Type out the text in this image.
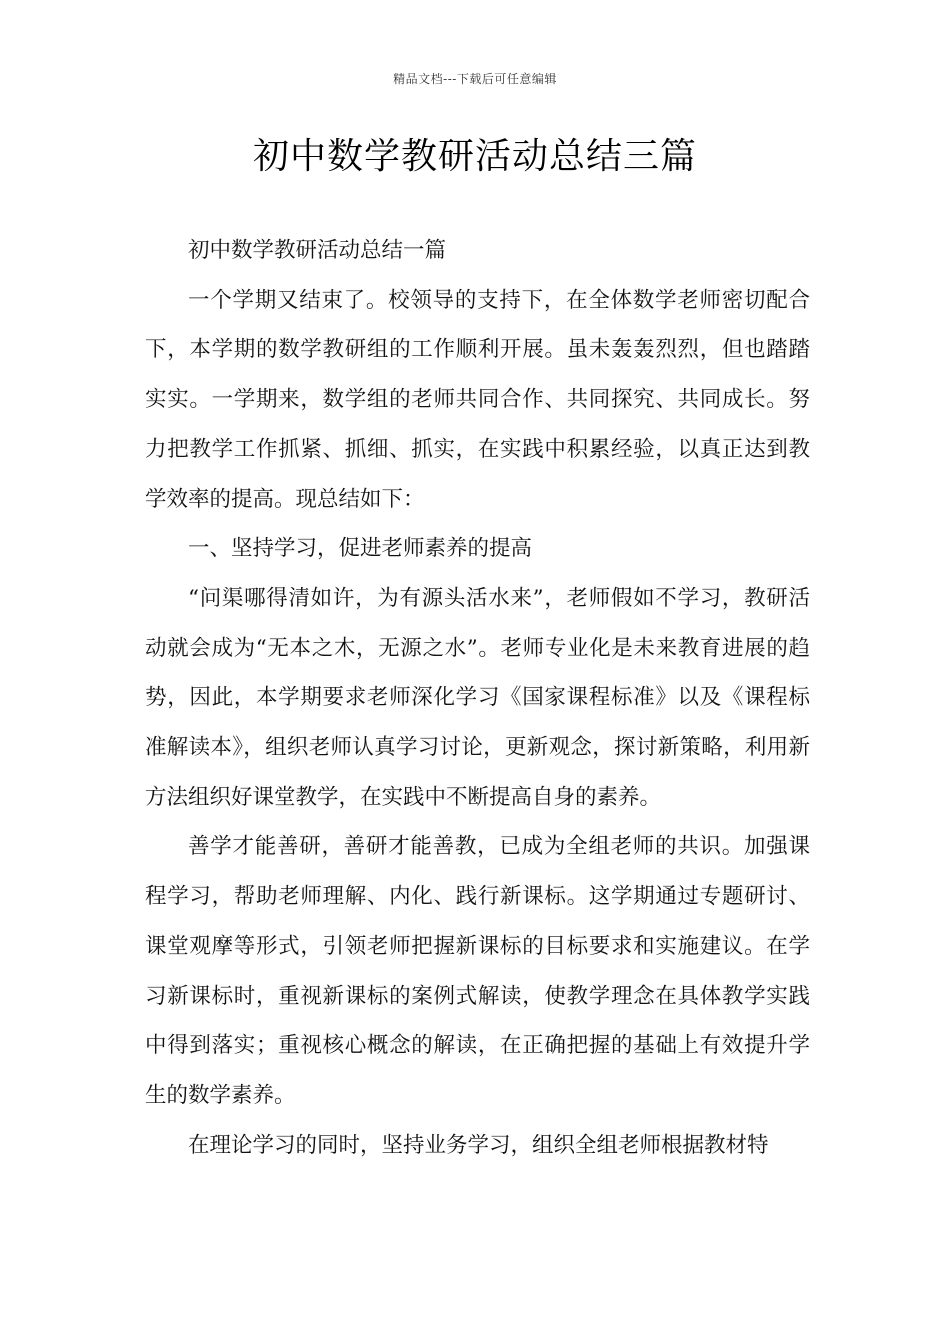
精品文档---下载后可任意编辑
初中数学教研活动总结三篇

初中数学教研活动总结一篇

一个学期又结束了。校领导的支持下，在全体数学老师密切配合下，本学期的数学教研组的工作顺利开展。虽未轰轰烈烈，但也踏踏实实。一学期来，数学组的老师共同合作、共同探究、共同成长。努力把教学工作抓紧、抓细、抓实，在实践中积累经验，以真正达到教学效率的提高。现总结如下：

一、坚持学习，促进老师素养的提高

“问渠哪得清如许，为有源头活水来”，老师假如不学习，教研活动就会成为“无本之木，无源之水”。老师专业化是未来教育进展的趋势，因此，本学期要求老师深化学习《国家课程标准》以及《课程标准解读本》，组织老师认真学习讨论，更新观念，探讨新策略，利用新方法组织好课堂教学，在实践中不断提高自身的素养。

善学才能善研，善研才能善教，已成为全组老师的共识。加强课程学习，帮助老师理解、内化、践行新课标。这学期通过专题研讨、课堂观摩等形式，引领老师把握新课标的目标要求和实施建议。在学习新课标时，重视新课标的案例式解读，使教学理念在具体教学实践中得到落实；重视核心概念的解读，在正确把握的基础上有效提升学生的数学素养。

在理论学习的同时，坚持业务学习，组织全组老师根据教材特
